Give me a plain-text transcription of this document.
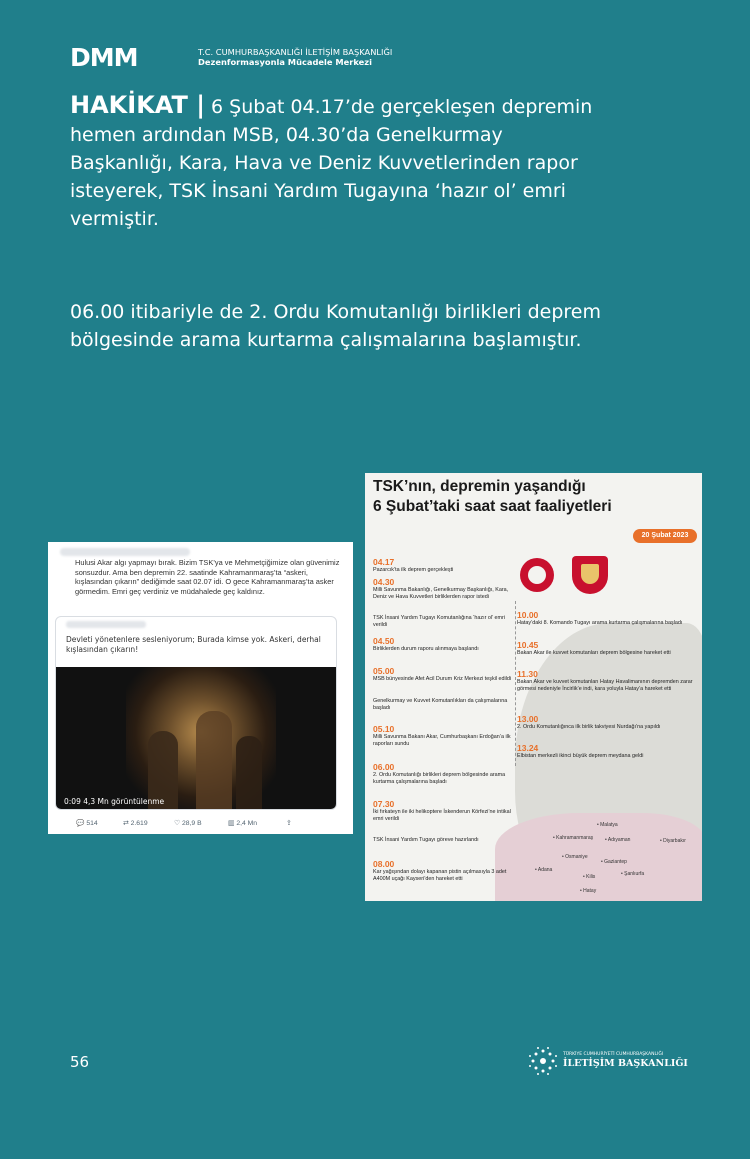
DMM	T.C. CUMHURBAŞKANLIĞI İLETİŞİM BAŞKANLIĞI
Dezenformasyonla Mücadele Merkezi
HAKİKAT | 6 Şubat 04.17’de gerçekleşen depremin hemen ardından MSB, 04.30’da Genelkurmay Başkanlığı, Kara, Hava ve Deniz Kuvvetlerinden rapor isteyerek, TSK İnsani Yardım Tugayına ‘hazır ol’ emri vermiştir.
06.00 itibariyle de 2. Ordu Komutanlığı birlikleri deprem bölgesinde arama kurtarma çalışmalarına başlamıştır.
Hulusi Akar algı yapmayı bırak. Bizim TSK’ya ve Mehmetçiğimize olan güvenimiz sonsuzdur. Ama ben depremin 22. saatinde Kahramanmaraş’ta “askeri, kışlasından çıkarın” dediğimde saat 02.07 idi. O gece Kahramanmaraş’ta asker görmedim. Emri geç verdiniz ve müdahalede geç kaldınız.
Devleti yönetenlere sesleniyorum; Burada kimse yok. Askeri, derhal kışlasından çıkarın!
0:09 4,3 Mn görüntülenme
💬 514	⇄ 2.619	♡ 28,9 B	▥ 2,4 Mn	⇪
TSK’nın, depremin yaşandığı
6 Şubat’taki saat saat faaliyetleri
20 Şubat 2023
04.17
Pazarcık’ta ilk deprem gerçekleşti
04.30
Milli Savunma Bakanlığı, Genelkurmay Başkanlığı, Kara, Deniz ve Hava Kuvvetleri birliklerden rapor istedi
TSK İnsani Yardım Tugayı Komutanlığına ‘hazır ol’ emri verildi
04.50
Birliklerden durum raporu alınmaya başlandı
05.00
MSB bünyesinde Afet Acil Durum Kriz Merkezi teşkil edildi
Genelkurmay ve Kuvvet Komutanlıkları da çalışmalarına başladı
05.10
Milli Savunma Bakanı Akar, Cumhurbaşkanı Erdoğan’a ilk raporları sundu
06.00
2. Ordu Komutanlığı birlikleri deprem bölgesinde arama kurtarma çalışmalarına başladı
07.30
İki fırkateyn ile iki helikoptere İskenderun Körfezi’ne intikal emri verildi
TSK İnsani Yardım Tugayı göreve hazırlandı
08.00
Kar yağışından dolayı kapanan pistin açılmasıyla 3 adet A400M uçağı Kayseri’den hareket etti
10.00
Hatay’daki 8. Komando Tugayı arama kurtarma çalışmalarına başladı
10.45
Bakan Akar ile kuvvet komutanları deprem bölgesine hareket etti
11.30
Bakan Akar ve kuvvet komutanları Hatay Havalimanının depremden zarar görmesi nedeniyle İncirlik’e indi, kara yoluyla Hatay’a hareket etti
13.00
2. Ordu Komutanlığınca ilk birlik takviyesi Nurdağı’na yapıldı
13.24
Elbistan merkezli ikinci büyük deprem meydana geldi
• Malatya
• Kahramanmaraş • Adıyaman	• Diyarbakır
• Osmaniye
• Gaziantep
• Şanlıurfa
• Adana
• Kilis
• Hatay
56	TÜRKİYE CUMHURİYETİ CUMHURBAŞKANLIĞI
İLETİŞİM BAŞKANLIĞI
